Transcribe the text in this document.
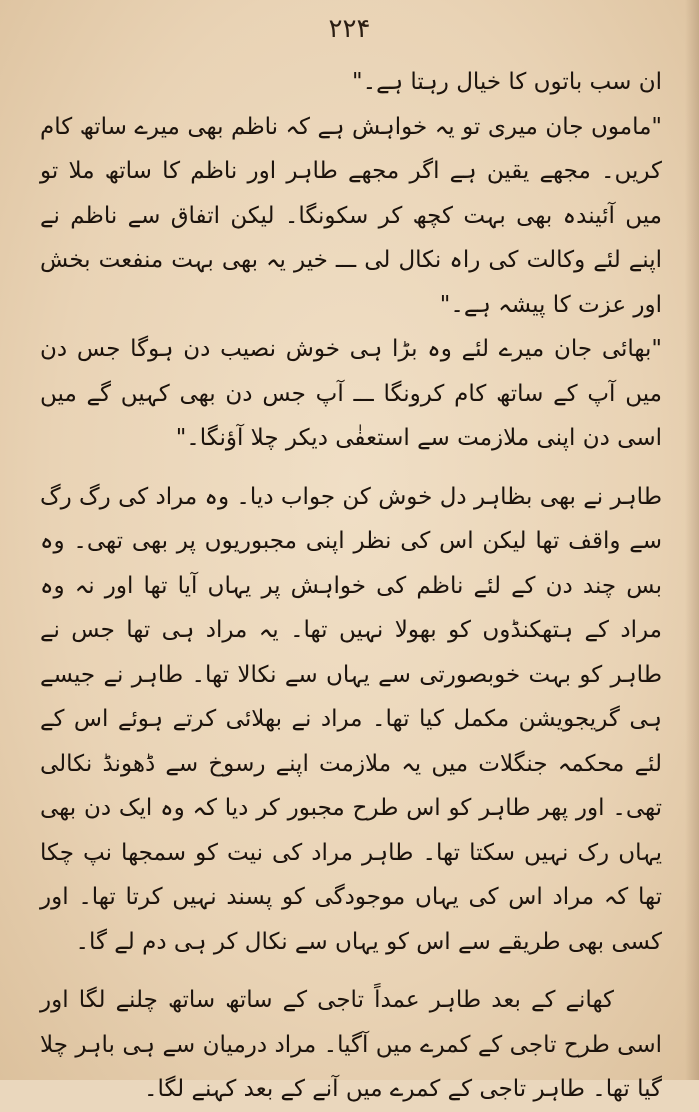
۲۲۴

ان سب باتوں کا خیال رہتا ہے۔"

"ماموں جان میری تو یہ خواہش ہے کہ ناظم بھی میرے ساتھ کام کریں۔ مجھے یقین ہے اگر مجھے طاہر اور ناظم کا ساتھ ملا تو میں آئیندہ بھی بہت کچھ کر سکونگا۔ لیکن اتفاق سے ناظم نے اپنے لئے وکالت کی راہ نکال لی ـــ خیر یہ بھی بہت منفعت بخش اور عزت کا پیشہ ہے۔"

"بھائی جان میرے لئے وہ بڑا ہی خوش نصیب دن ہوگا جس دن میں آپ کے ساتھ کام کرونگا ـــ آپ جس دن بھی کہیں گے میں اسی دن اپنی ملازمت سے استعفٰی دیکر چلا آؤنگا۔"

طاہر نے بھی بظاہر دل خوش کن جواب دیا۔ وہ مراد کی رگ رگ سے واقف تھا لیکن اس کی نظر اپنی مجبوریوں پر بھی تھی۔ وہ بس چند دن کے لئے ناظم کی خواہش پر یہاں آیا تھا اور نہ وہ مراد کے ہتھکنڈوں کو بھولا نہیں تھا۔ یہ مراد ہی تھا جس نے طاہر کو بہت خوبصورتی سے یہاں سے نکالا تھا۔ طاہر نے جیسے ہی گریجویشن مکمل کیا تھا۔ مراد نے بھلائی کرتے ہوئے اس کے لئے محکمہ جنگلات میں یہ ملازمت اپنے رسوخ سے ڈھونڈ نکالی تھی۔ اور پھر طاہر کو اس طرح مجبور کر دیا کہ وہ ایک دن بھی یہاں رک نہیں سکتا تھا۔ طاہر مراد کی نیت کو سمجھا نپ چکا تھا کہ مراد اس کی یہاں موجودگی کو پسند نہیں کرتا تھا۔ اور کسی بھی طریقے سے اس کو یہاں سے نکال کر ہی دم لے گا۔

کھانے کے بعد طاہر عمداً تاجی کے ساتھ ساتھ چلنے لگا اور اسی طرح تاجی کے کمرے میں آگیا۔ مراد درمیان سے ہی باہر چلا گیا تھا۔ طاہر تاجی کے کمرے میں آنے کے بعد کہنے لگا۔
